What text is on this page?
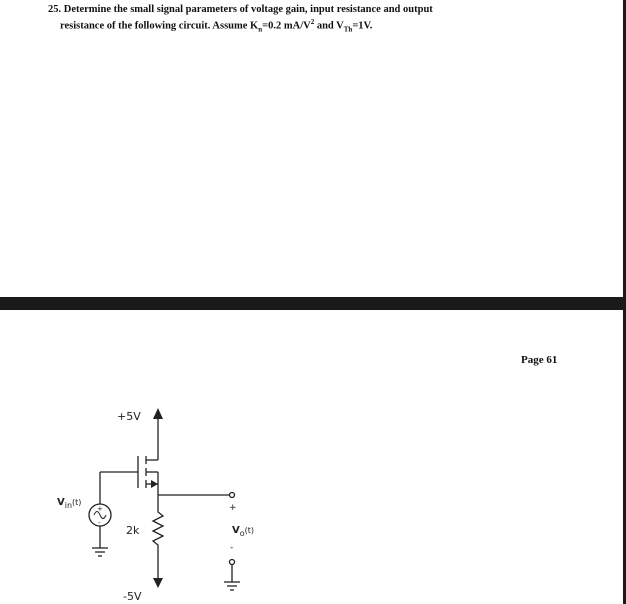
25. Determine the small signal parameters of voltage gain, input resistance and output
resistance of the following circuit. Assume $K_n=0.2$ $mA/V^2$ and $V_{Th}=1V$.
Page 61
+5V
-5V
2k
$V_{in}^{(t)}$
$V_o^{(t)}$
+
-
+
-
